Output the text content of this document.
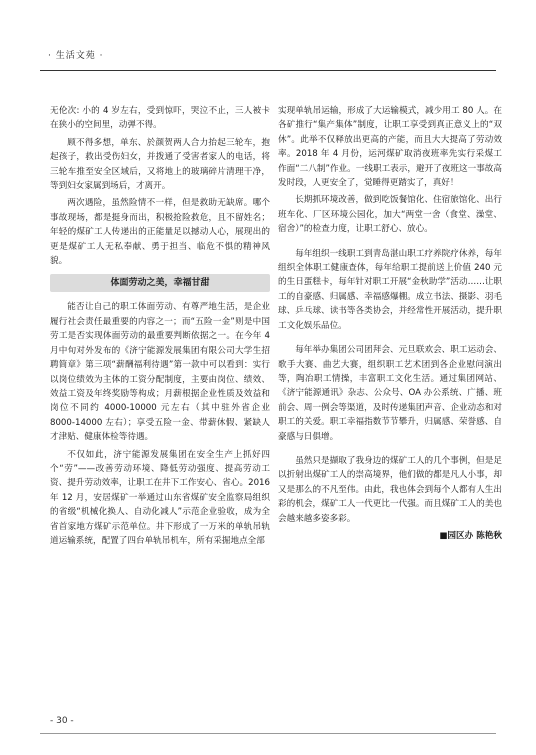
· 生活文苑 ·

无伦次: 小的 4 岁左右，受到惊吓，哭泣不止，三人被卡在狭小的空间里，动弹不得。

顾不得多想，单东、於颜贺两人合力抬起三轮车，抱起孩子，救出受伤妇女，并拨通了受害者家人的电话，将三轮车推至安全区域后，又将地上的玻璃碎片清理干净，等到妇女家属到场后，才离开。

两次遇险，虽然险情不一样，但是救助无缺席。哪个事故现场，都是挺身而出，积极抢险救危，且不留姓名；年轻的煤矿工人传递出的正能量足以撼动人心，展现出的更是煤矿工人无私奉献、勇于担当、临危不惧的精神风貌。

体面劳动之美，幸福甘甜

能否让自己的职工体面劳动、有尊严地生活，是企业履行社会责任最重要的内容之一；而“五险一金”则是中国劳工是否实现体面劳动的最重要判断依据之一。在今年 4 月中旬对外发布的《济宁能源发展集团有限公司大学生招聘简章》第三项“薪酬福利待遇”第一款中可以看到：实行以岗位绩效为主体的工资分配制度，主要由岗位、绩效、效益工资及年终奖励等构成；月薪根据企业性质及效益和岗位不同约 4000-10000 元左右（其中驻外省企业 8000-14000 左右）；享受五险一金、带薪休假、紧缺人才津贴、健康体检等待遇。

不仅如此，济宁能源发展集团在安全生产上抓好四个“劳”——改善劳动环境、降低劳动强度、提高劳动工资、提升劳动效率，让职工在井下工作安心、省心。2016 年 12 月，安居煤矿一举通过山东省煤矿安全监察局组织的省级“机械化换人、自动化减人”示范企业验收，成为全省首家地方煤矿示范单位。井下形成了一万米的单轨吊轨道运输系统，配置了四台单轨吊机车，所有采掘地点全部

实现单轨吊运输，形成了大运输模式，减少用工 80 人。在各矿推行“集产集体”制度，让职工享受到真正意义上的“双休”。此举不仅释放出更高的产能，而且大大提高了劳动效率。2018 年 4 月份，运河煤矿取消夜班率先实行采煤工作面“二八制”作业。一线职工表示，避开了夜班这一事故高发时段，人更安全了，觉睡得更踏实了，真好！

长期抓环境改善，做到吃饭餐馆化、住宿旅馆化、出行班车化、厂区环境公园化，加大“两堂一舍（食堂、澡堂、宿舍）”的检查力度，让职工舒心、放心。

每年组织一线职工到青岛湛山职工疗养院疗休养，每年组织全体职工健康查体，每年给职工提前送上价值 240 元的生日蛋糕卡，每年针对职工开展“金秋助学”活动……让职工的自豪感、归属感、幸福感爆棚。成立书法、摄影、羽毛球、乒乓球、读书等各类协会，并经常性开展活动，提升职工文化娱乐品位。

每年举办集团公司团拜会、元旦联欢会、职工运动会、歌手大赛、曲艺大赛，组织职工艺术团到各企业慰问演出等，陶冶职工情操，丰富职工文化生活。通过集团网站、《济宁能源通讯》杂志、公众号、OA 办公系统、广播、班前会、周一例会等渠道，及时传递集团声音、企业动态和对职工的关爱。职工幸福指数节节攀升，归属感、荣誉感、自豪感与日俱增。

虽然只是撷取了我身边的煤矿工人的几个事例，但是足以折射出煤矿工人的崇高境界，他们做的都是凡人小事，却又是那么的不凡至伟。由此，我也体会到每个人都有人生出彩的机会，煤矿工人一代更比一代强。而且煤矿工人的美也会越来越多姿多彩。

■园区办 陈艳秋
- 30 -
